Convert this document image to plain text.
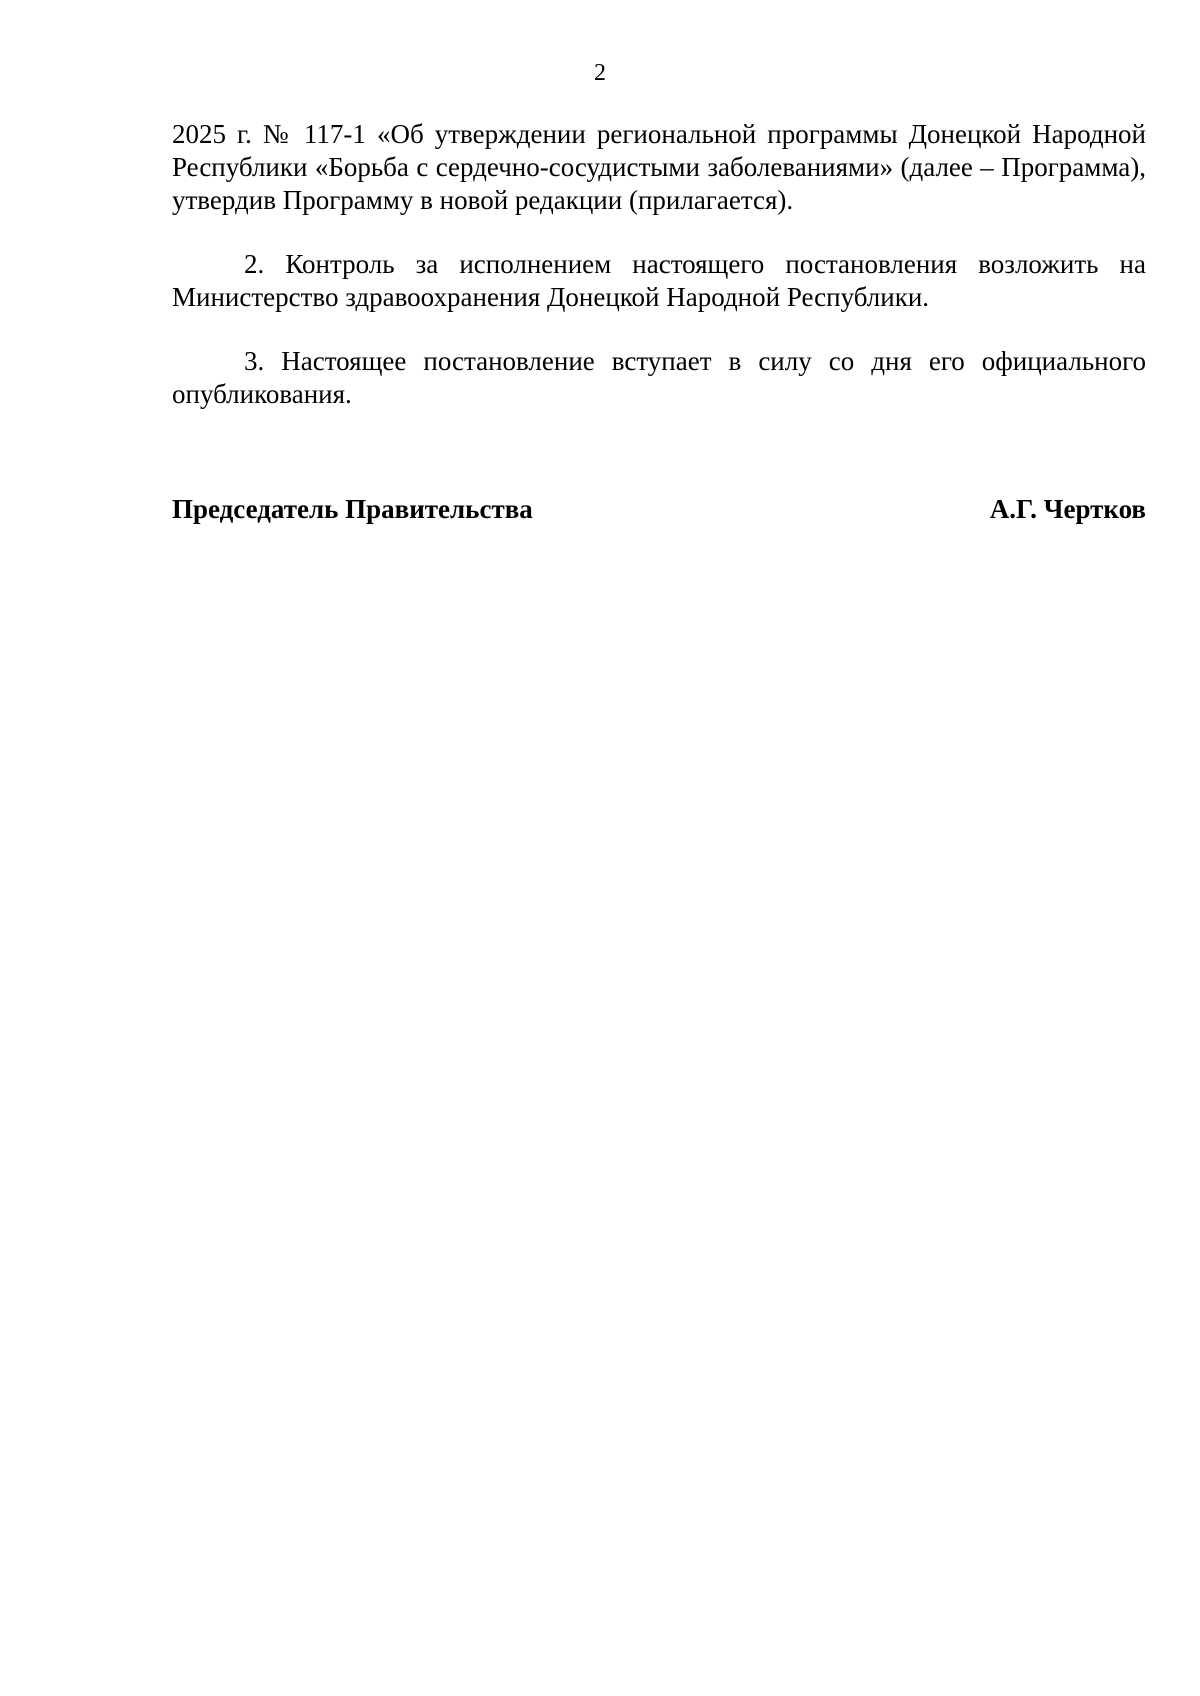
2

2025 г. № 117-1 «Об утверждении региональной программы Донецкой Народной Республики «Борьба с сердечно-сосудистыми заболеваниями» (далее – Программа), утвердив Программу в новой редакции (прилагается).

2. Контроль за исполнением настоящего постановления возложить на Министерство здравоохранения Донецкой Народной Республики.

3. Настоящее постановление вступает в силу со дня его официального опубликования.

Председатель Правительства	А.Г. Чертков
